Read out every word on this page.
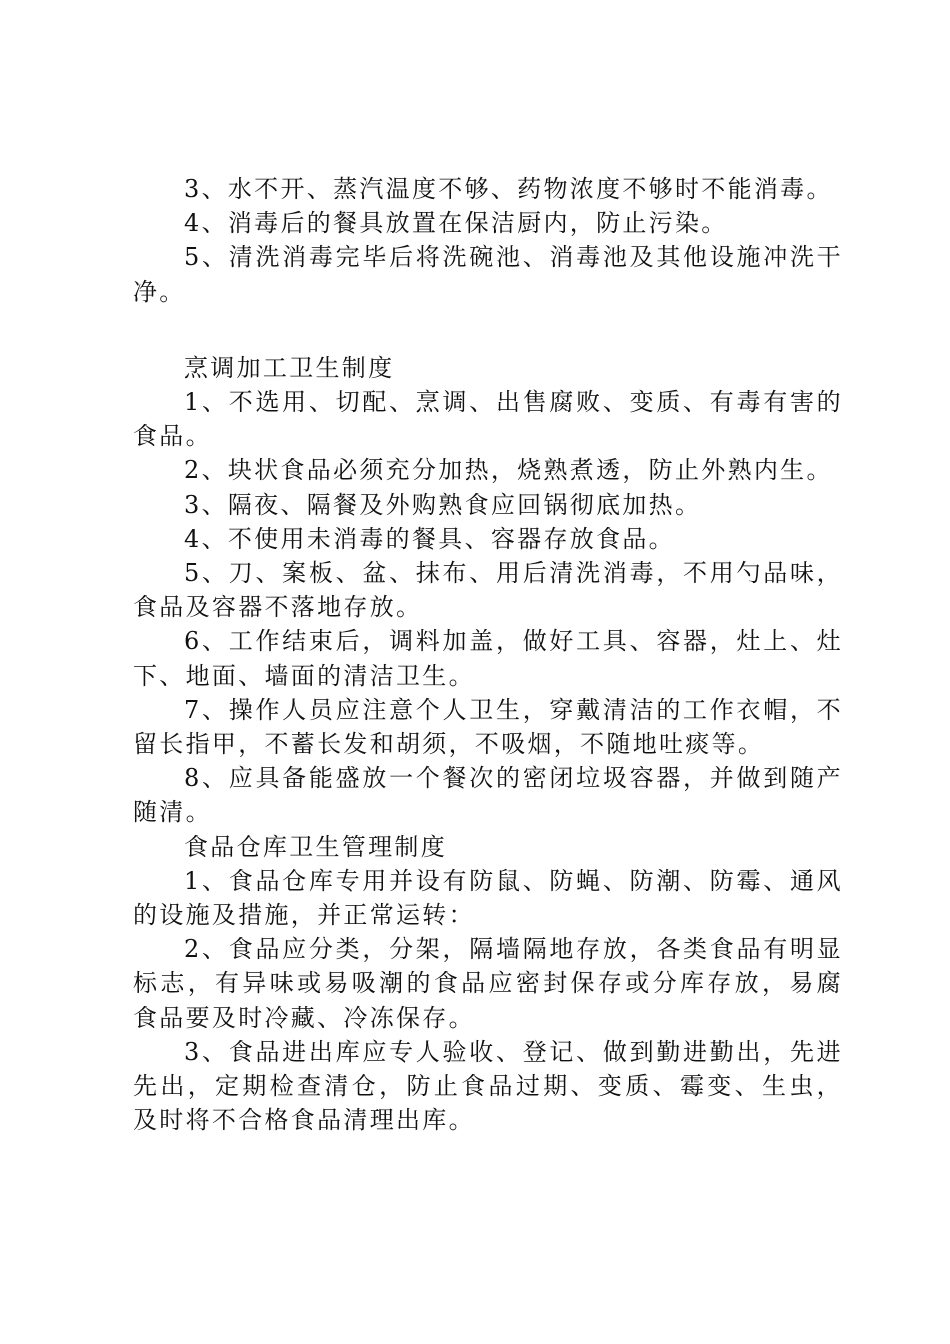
3、水不开、蒸汽温度不够、药物浓度不够时不能消毒。

4、消毒后的餐具放置在保洁厨内，防止污染。

5、清洗消毒完毕后将洗碗池、消毒池及其他设施冲洗干净。

烹调加工卫生制度

1、不选用、切配、烹调、出售腐败、变质、有毒有害的食品。

2、块状食品必须充分加热，烧熟煮透，防止外熟内生。

3、隔夜、隔餐及外购熟食应回锅彻底加热。

4、不使用未消毒的餐具、容器存放食品。

5、刀、案板、盆、抹布、用后清洗消毒，不用勺品味，食品及容器不落地存放。

6、工作结束后，调料加盖，做好工具、容器，灶上、灶下、地面、墙面的清洁卫生。

7、操作人员应注意个人卫生，穿戴清洁的工作衣帽，不留长指甲，不蓄长发和胡须，不吸烟，不随地吐痰等。

8、应具备能盛放一个餐次的密闭垃圾容器，并做到随产随清。

食品仓库卫生管理制度

1、食品仓库专用并设有防鼠、防蝇、防潮、防霉、通风的设施及措施，并正常运转：

2、食品应分类，分架，隔墙隔地存放，各类食品有明显标志，有异味或易吸潮的食品应密封保存或分库存放，易腐食品要及时冷藏、冷冻保存。

3、食品进出库应专人验收、登记、做到勤进勤出，先进先出，定期检查清仓，防止食品过期、变质、霉变、生虫，及时将不合格食品清理出库。
